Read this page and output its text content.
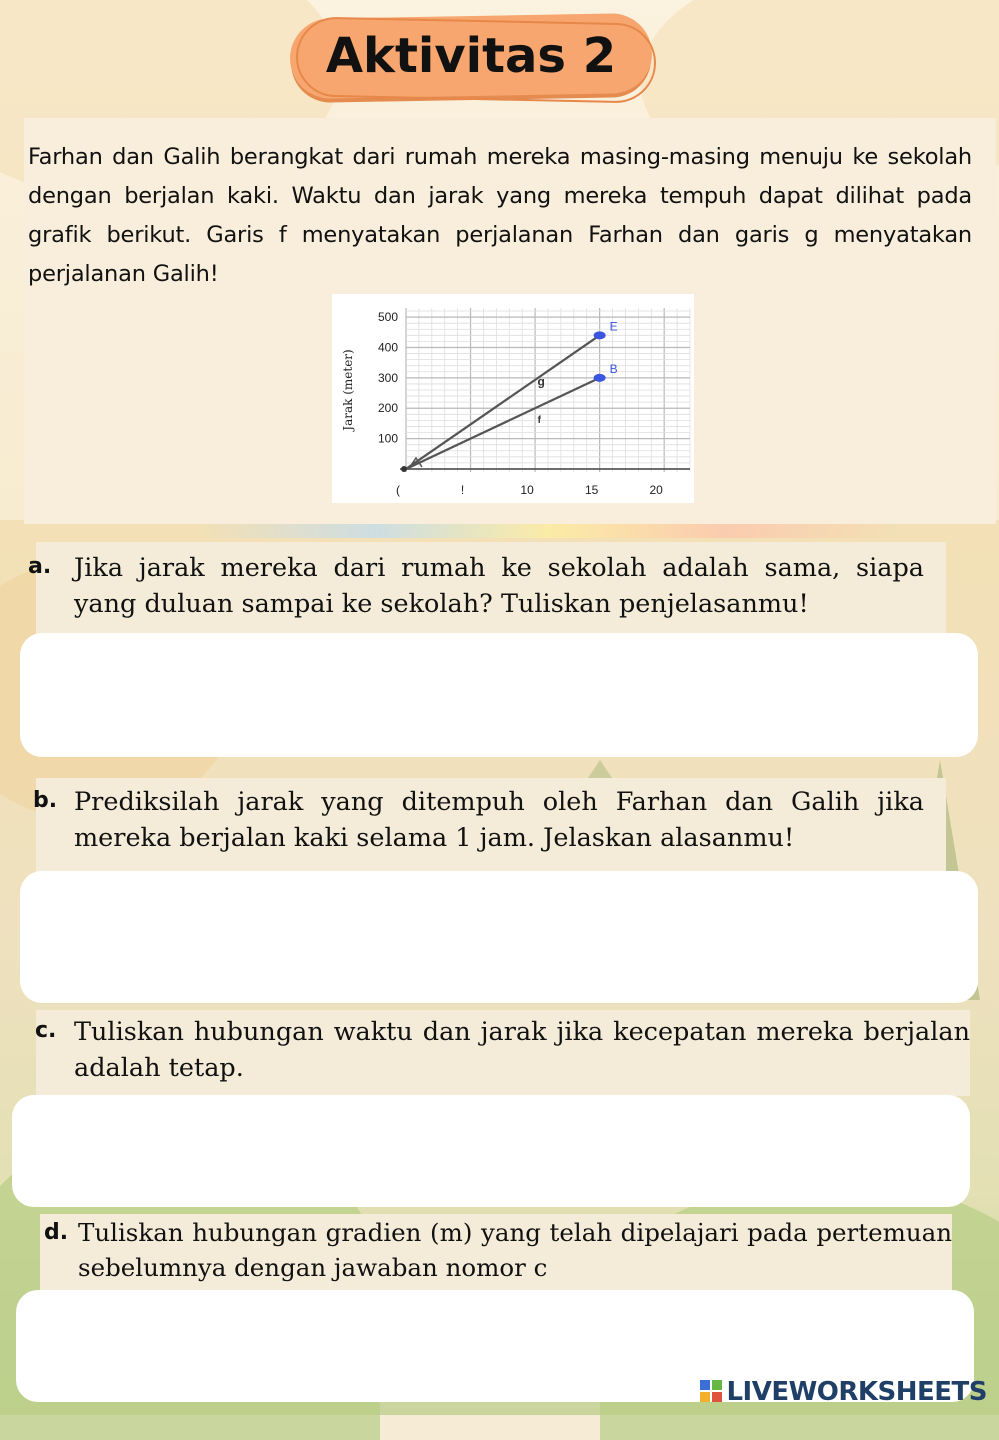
Aktivitas 2
Farhan dan Galih berangkat dari rumah mereka masing-masing menuju ke sekolah dengan berjalan kaki. Waktu dan jarak yang mereka tempuh dapat dilihat pada grafik berikut. Garis f menyatakan perjalanan Farhan dan garis g menyatakan perjalanan Galih!
100
200
300
400
500
(	!	10	15	20
Jarak (meter)	g
f
E
B
a. Jika jarak mereka dari rumah ke sekolah adalah sama, siapa yang duluan sampai ke sekolah? Tuliskan penjelasanmu!
b. Prediksilah jarak yang ditempuh oleh Farhan dan Galih jika mereka berjalan kaki selama 1 jam. Jelaskan alasanmu!
c. Tuliskan hubungan waktu dan jarak jika kecepatan mereka berjalan adalah tetap.
d. Tuliskan hubungan gradien (m) yang telah dipelajari pada pertemuan sebelumnya dengan jawaban nomor c
LIVEWORKSHEETS
